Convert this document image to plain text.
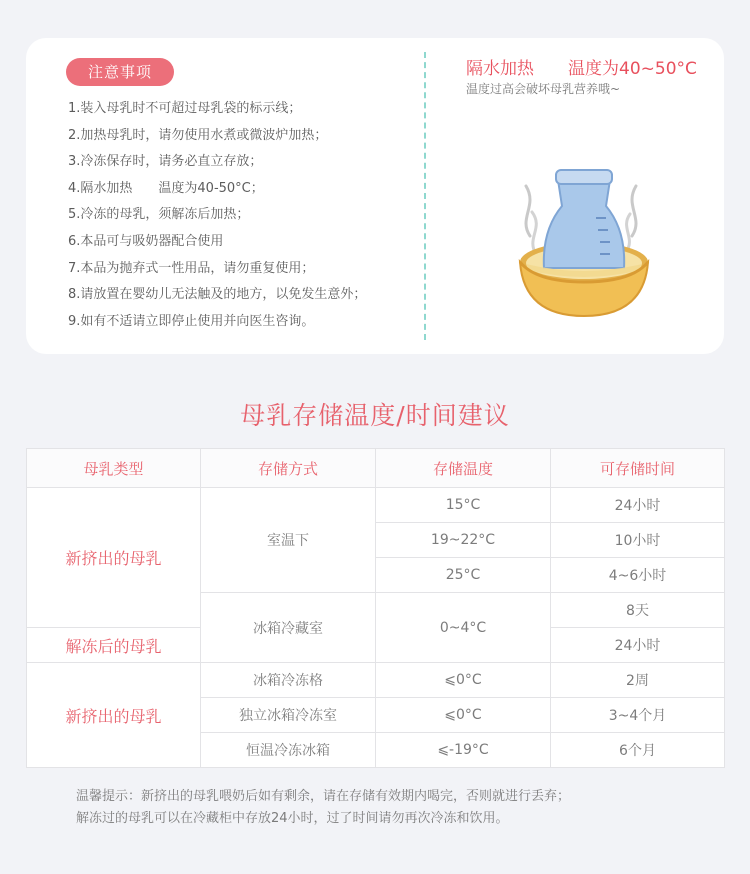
注意事项
1.装入母乳时不可超过母乳袋的标示线；
2.加热母乳时，请勿使用水煮或微波炉加热；
3.冷冻保存时，请务必直立存放；
4.隔水加热　　温度为40-50°C；
5.冷冻的母乳，须解冻后加热；
6.本品可与吸奶器配合使用
7.本品为抛弃式一性用品，请勿重复使用；
8.请放置在婴幼儿无法触及的地方，以免发生意外；
9.如有不适请立即停止使用并向医生咨询。
隔水加热 温度为40~50°C
温度过高会破坏母乳营养哦~
母乳存储温度/时间建议
母乳类型	存储方式	存储温度	可存储时间
新挤出的母乳	室温下	15°C	24小时
		19~22°C	10小时
		25°C	4~6小时
	冰箱冷藏室	0~4°C	8天
解冻后的母乳			24小时
新挤出的母乳	冰箱冷冻格	⩽0°C	2周
	独立冰箱冷冻室	⩽0°C	3~4个月
	恒温冷冻冰箱	⩽-19°C	6个月

温馨提示：新挤出的母乳喂奶后如有剩余，请在存储有效期内喝完，否则就进行丢弃；

解冻过的母乳可以在冷藏柜中存放24小时，过了时间请勿再次冷冻和饮用。
